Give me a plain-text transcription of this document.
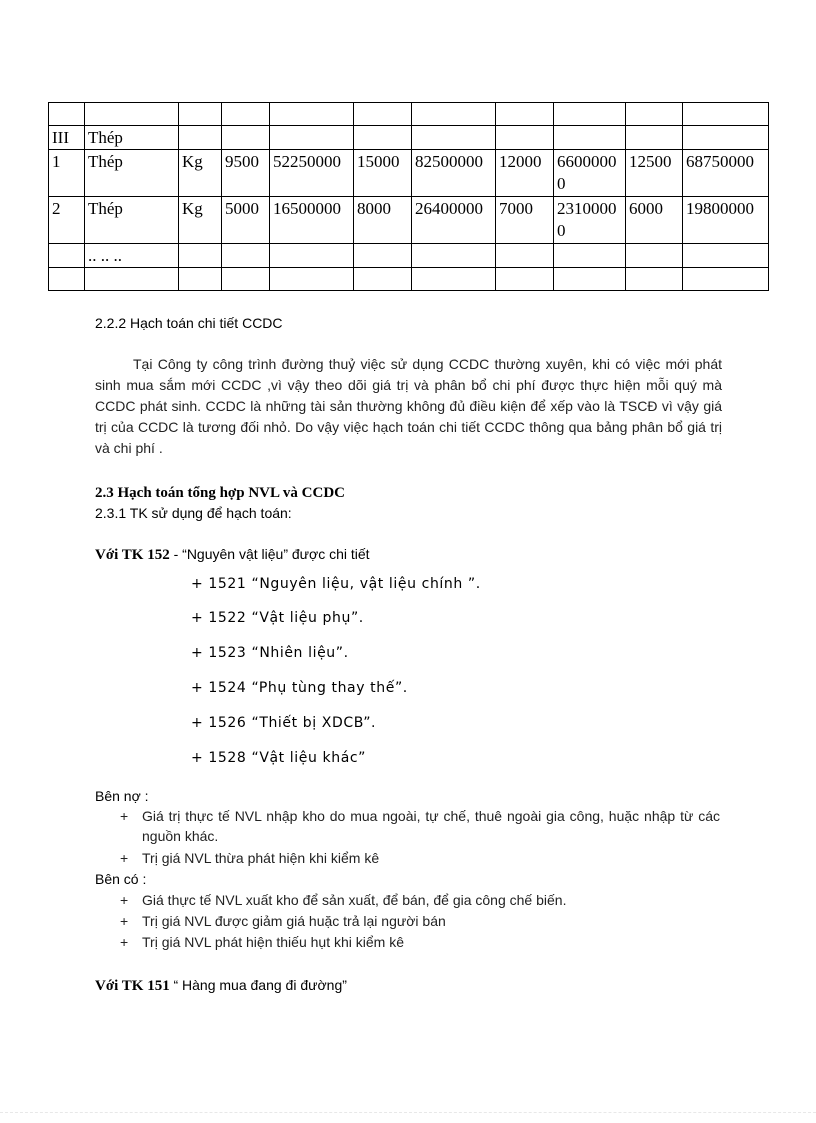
III	Thép									
1	Thép	Kg	9500	52250000	15000	82500000	12000	66000000	12500	68750000
2	Thép	Kg	5000	16500000	8000	26400000	7000	23100000	6000	19800000
	.. .. ..									

2.2.2 Hạch toán chi tiết CCDC
Tại Công ty công trình đường thuỷ việc sử dụng CCDC thường xuyên, khi có việc mới phát sinh mua sắm mới CCDC ,vì vậy theo dõi giá trị và phân bổ chi phí được thực hiện mỗi quý mà CCDC phát sinh. CCDC là những tài sản thường không đủ điều kiện để xếp vào là TSCĐ vì vậy giá trị của CCDC là tương đối nhỏ. Do vậy việc hạch toán chi tiết CCDC thông qua bảng phân bổ giá trị và chi phí .
2.3 Hạch toán tổng hợp NVL và CCDC
2.3.1 TK sử dụng để hạch toán:
Với TK 152 - “Nguyên vật liệu” được chi tiết
+ 1521 “Nguyên liệu, vật liệu chính ”.
+ 1522 “Vật liệu phụ”.
+ 1523 “Nhiên liệu”.
+ 1524 “Phụ tùng thay thế”.
+ 1526 “Thiết bị XDCB”.
+ 1528 “Vật liệu khác”
Bên nợ :
+ Giá trị thực tế NVL nhập kho do mua ngoài, tự chế, thuê ngoài gia công, huặc nhập từ các nguồn khác.
+ Trị giá NVL thừa phát hiện khi kiểm kê
Bên có :
+ Giá thực tế NVL xuất kho để sản xuất, để bán, để gia công chế biến.
+ Trị giá NVL được giảm giá huặc trả lại người bán
+ Trị giá NVL phát hiện thiếu hụt khi kiểm kê
Với TK 151 “ Hàng mua đang đi đường”
